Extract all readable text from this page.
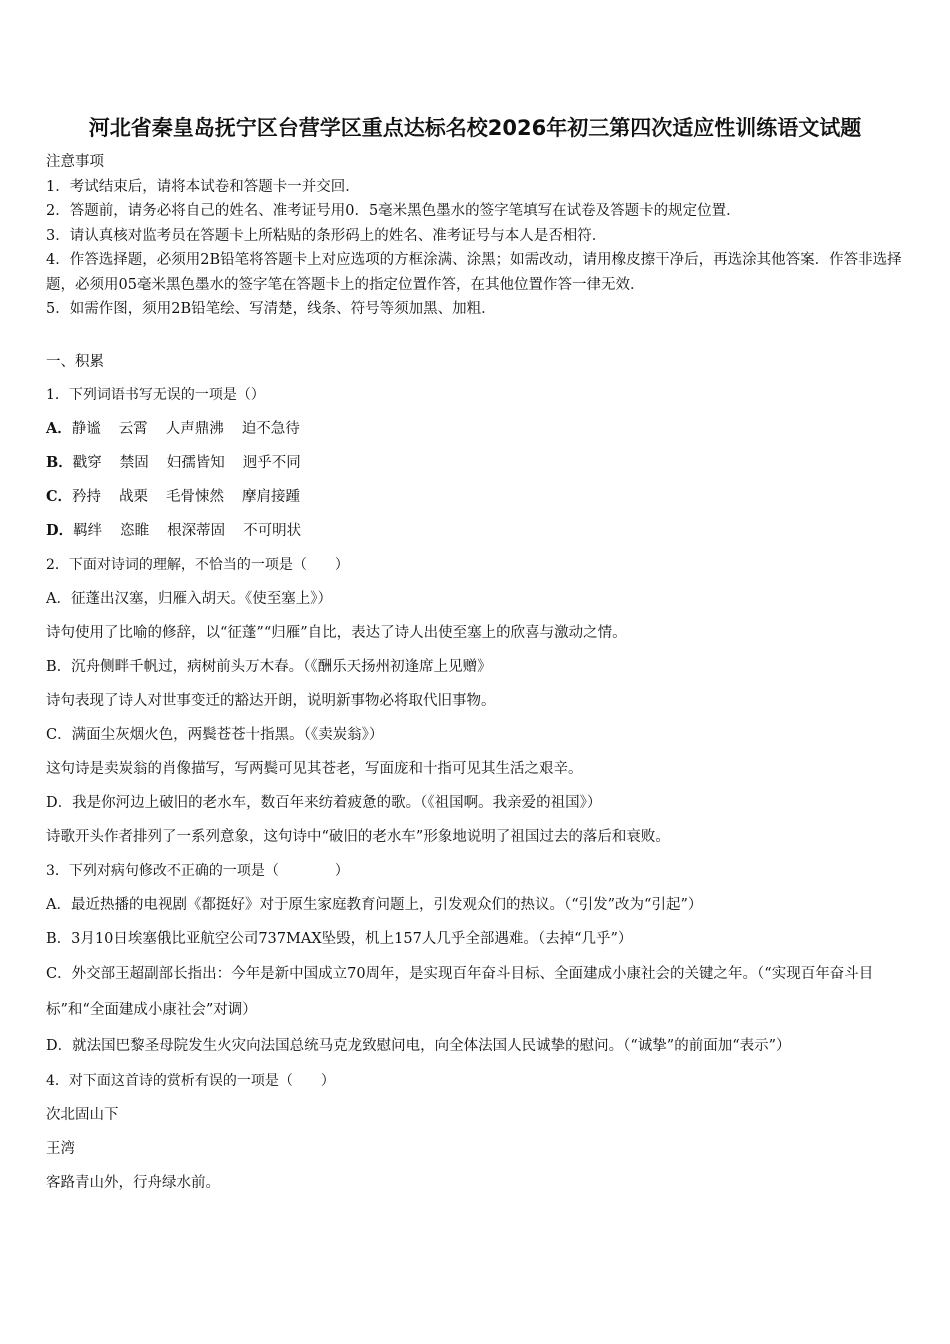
河北省秦皇岛抚宁区台营学区重点达标名校2026年初三第四次适应性训练语文试题

注意事项

1．考试结束后，请将本试卷和答题卡一并交回．

2．答题前，请务必将自己的姓名、准考证号用0．5毫米黑色墨水的签字笔填写在试卷及答题卡的规定位置．

3．请认真核对监考员在答题卡上所粘贴的条形码上的姓名、准考证号与本人是否相符．

4．作答选择题，必须用2B铅笔将答题卡上对应选项的方框涂满、涂黑；如需改动，请用橡皮擦干净后，再选涂其他答案．作答非选择题，必须用05毫米黑色墨水的签字笔在答题卡上的指定位置作答，在其他位置作答一律无效．

5．如需作图，须用2B铅笔绘、写清楚，线条、符号等须加黑、加粗．

一、积累

1．下列词语书写无误的一项是（）

A．静谧 云霄 人声鼎沸 迫不急待

B．戳穿 禁固 妇孺皆知 迥乎不同

C．矜持 战栗 毛骨悚然 摩肩接踵

D．羁绊 恣睢 根深蒂固 不可明状

2．下面对诗词的理解，不恰当的一项是（　　）

A．征蓬出汉塞，归雁入胡天。《使至塞上》）

诗句使用了比喻的修辞，以“征蓬”“归雁”自比，表达了诗人出使至塞上的欣喜与激动之情。

B．沉舟侧畔千帆过，病树前头万木春。（《酬乐天扬州初逢席上见赠》

诗句表现了诗人对世事变迁的豁达开朗，说明新事物必将取代旧事物。

C．满面尘灰烟火色，两鬓苍苍十指黑。（《卖炭翁》）

这句诗是卖炭翁的肖像描写，写两鬓可见其苍老，写面庞和十指可见其生活之艰辛。

D．我是你河边上破旧的老水车，数百年来纺着疲惫的歌。（《祖国啊。我亲爱的祖国》）

诗歌开头作者排列了一系列意象，这句诗中“破旧的老水车”形象地说明了祖国过去的落后和衰败。

3．下列对病句修改不正确的一项是（　　　　）

A．最近热播的电视剧《都挺好》对于原生家庭教育问题上，引发观众们的热议。（“引发”改为“引起”）

B．3月10日埃塞俄比亚航空公司737MAX坠毁，机上157人几乎全部遇难。（去掉“几乎”）

C．外交部王超副部长指出：今年是新中国成立70周年，是实现百年奋斗目标、全面建成小康社会的关键之年。（“实现百年奋斗目标”和“全面建成小康社会”对调）

D．就法国巴黎圣母院发生火灾向法国总统马克龙致慰问电，向全体法国人民诚挚的慰问。（“诚挚”的前面加“表示”）

4．对下面这首诗的赏析有误的一项是（　　）

次北固山下

王湾

客路青山外，行舟绿水前。
